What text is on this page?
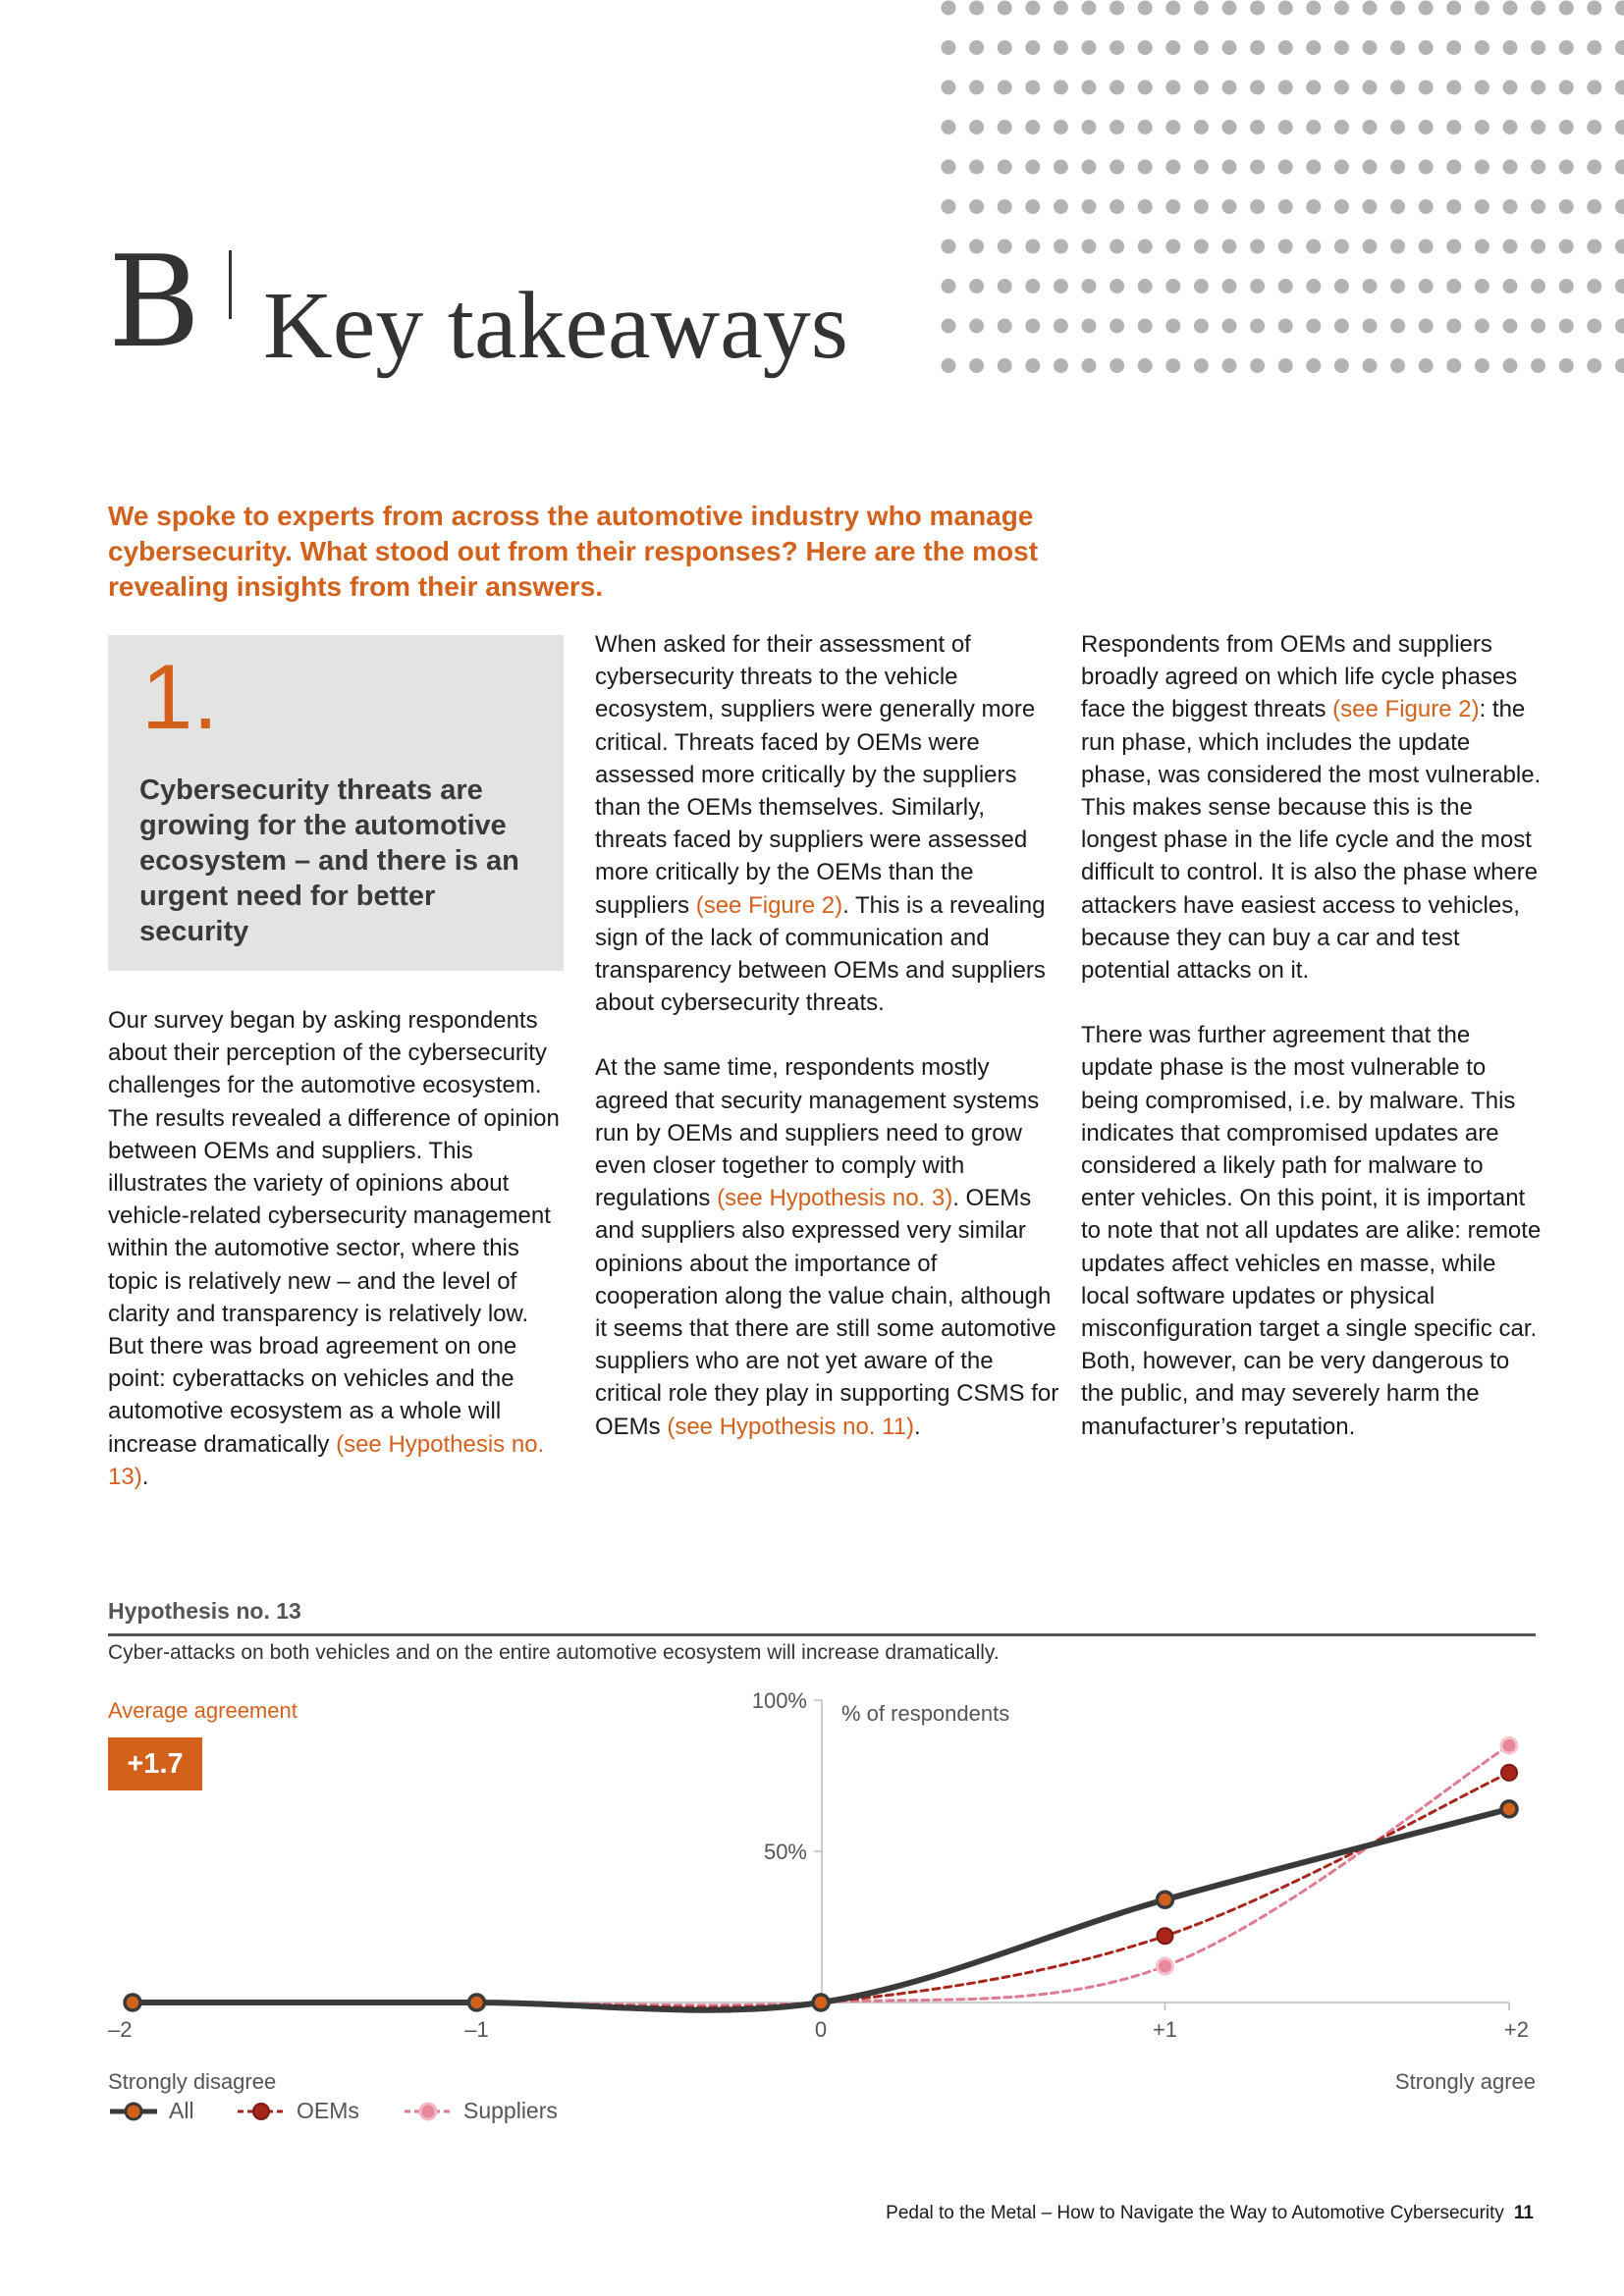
B Key takeaways
We spoke to experts from across the automotive industry who manage cybersecurity. What stood out from their responses? Here are the most revealing insights from their answers.
1.
Cybersecurity threats are growing for the automotive ecosystem – and there is an urgent need for better security

Our survey began by asking respondents about their perception of the cybersecurity challenges for the automotive ecosystem. The results revealed a difference of opinion between OEMs and suppliers. This illustrates the variety of opinions about vehicle-related cybersecurity management within the automotive sector, where this topic is relatively new – and the level of clarity and transparency is relatively low. But there was broad agreement on one point: cyberattacks on vehicles and the automotive ecosystem as a whole will increase dramatically (see Hypothesis no. 13).

When asked for their assessment of cybersecurity threats to the vehicle ecosystem, suppliers were generally more critical. Threats faced by OEMs were assessed more critically by the suppliers than the OEMs themselves. Similarly, threats faced by suppliers were assessed more critically by the OEMs than the suppliers (see Figure 2). This is a revealing sign of the lack of communication and transparency between OEMs and suppliers about cybersecurity threats.

At the same time, respondents mostly agreed that security management systems run by OEMs and suppliers need to grow even closer together to comply with regulations (see Hypothesis no. 3). OEMs and suppliers also expressed very similar opinions about the importance of cooperation along the value chain, although it seems that there are still some automotive suppliers who are not yet aware of the critical role they play in supporting CSMS for OEMs (see Hypothesis no. 11).

Respondents from OEMs and suppliers broadly agreed on which life cycle phases face the biggest threats (see Figure 2): the run phase, which includes the update phase, was considered the most vulnerable. This makes sense because this is the longest phase in the life cycle and the most difficult to control. It is also the phase where attackers have easiest access to vehicles, because they can buy a car and test potential attacks on it.

There was further agreement that the update phase is the most vulnerable to being compromised, i.e. by malware. This indicates that compromised updates are considered a likely path for malware to enter vehicles. On this point, it is important to note that not all updates are alike: remote updates affect vehicles en masse, while local software updates or physical misconfiguration target a single specific car. Both, however, can be very dangerous to the public, and may severely harm the manufacturer’s reputation.

Hypothesis no. 13
Cyber-attacks on both vehicles and on the entire automotive ecosystem will increase dramatically.
Average agreement
+1.7
% of respondents
50%
100%
–2	–1	0	+1	+2
Strongly disagree	Strongly agree
All	OEMs	Suppliers
Pedal to the Metal – How to Navigate the Way to Automotive Cybersecurity 11
